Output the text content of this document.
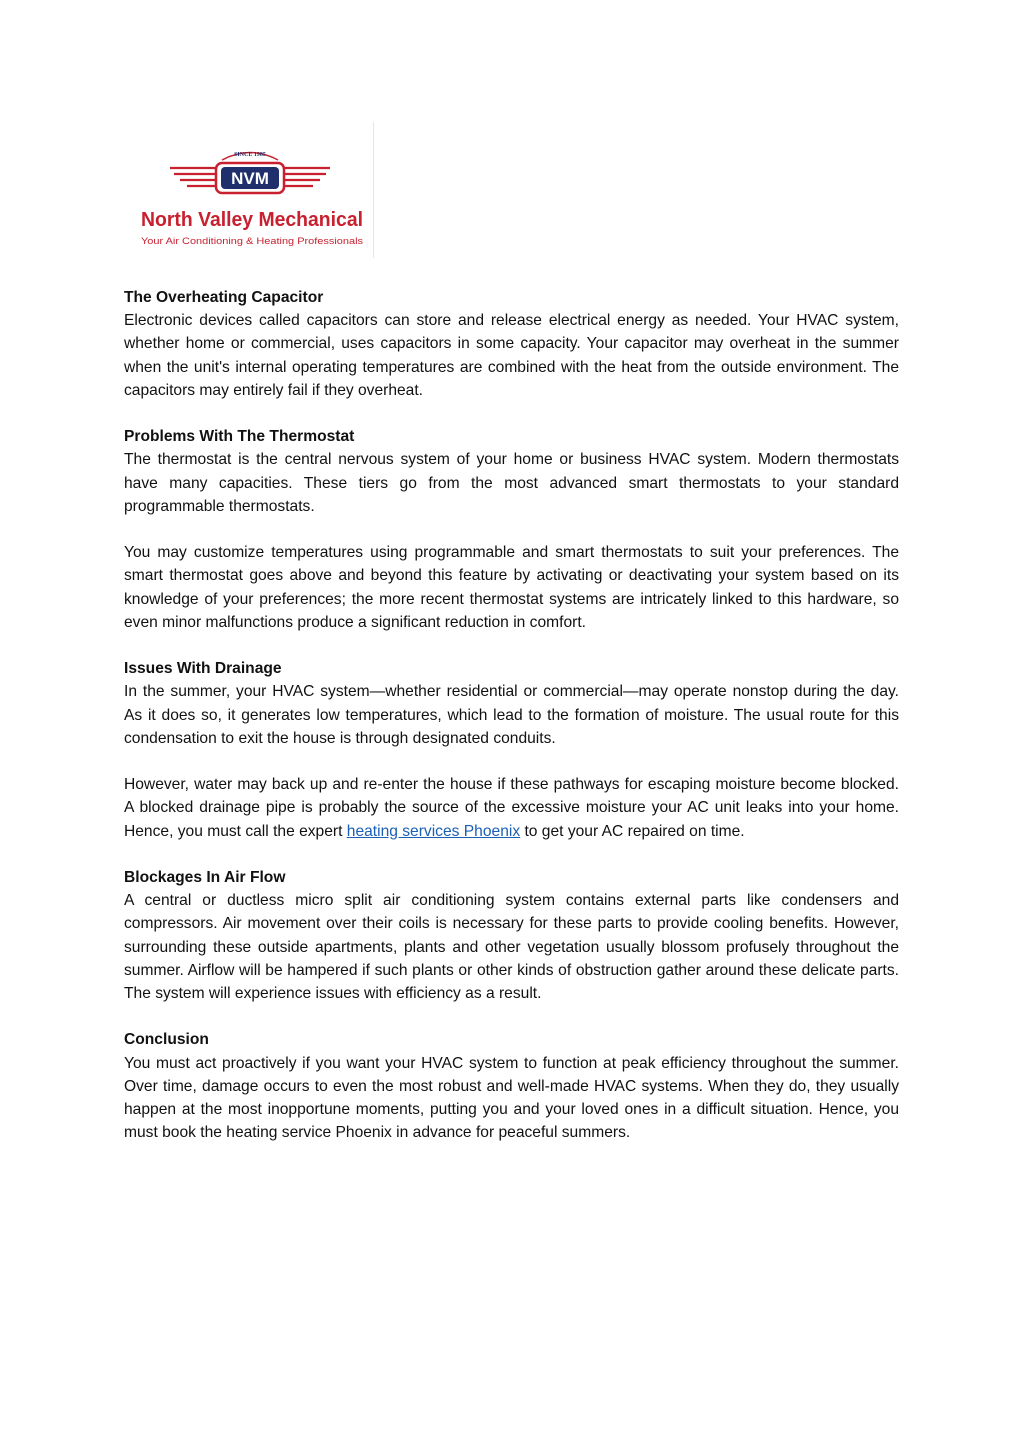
SINCE 1985
NVM
North Valley Mechanical
Your Air Conditioning & Heating Professionals
The Overheating Capacitor

Electronic devices called capacitors can store and release electrical energy as needed. Your HVAC system, whether home or commercial, uses capacitors in some capacity. Your capacitor may overheat in the summer when the unit's internal operating temperatures are combined with the heat from the outside environment. The capacitors may entirely fail if they overheat.

Problems With The Thermostat

The thermostat is the central nervous system of your home or business HVAC system. Modern thermostats have many capacities. These tiers go from the most advanced smart thermostats to your standard programmable thermostats.

You may customize temperatures using programmable and smart thermostats to suit your preferences. The smart thermostat goes above and beyond this feature by activating or deactivating your system based on its knowledge of your preferences; the more recent thermostat systems are intricately linked to this hardware, so even minor malfunctions produce a significant reduction in comfort.

Issues With Drainage

In the summer, your HVAC system—whether residential or commercial—may operate nonstop during the day. As it does so, it generates low temperatures, which lead to the formation of moisture. The usual route for this condensation to exit the house is through designated conduits.

However, water may back up and re-enter the house if these pathways for escaping moisture become blocked. A blocked drainage pipe is probably the source of the excessive moisture your AC unit leaks into your home. Hence, you must call the expert heating services Phoenix to get your AC repaired on time.

Blockages In Air Flow

A central or ductless micro split air conditioning system contains external parts like condensers and compressors. Air movement over their coils is necessary for these parts to provide cooling benefits. However, surrounding these outside apartments, plants and other vegetation usually blossom profusely throughout the summer. Airflow will be hampered if such plants or other kinds of obstruction gather around these delicate parts. The system will experience issues with efficiency as a result.

Conclusion

You must act proactively if you want your HVAC system to function at peak efficiency throughout the summer. Over time, damage occurs to even the most robust and well-made HVAC systems. When they do, they usually happen at the most inopportune moments, putting you and your loved ones in a difficult situation. Hence, you must book the heating service Phoenix in advance for peaceful summers.
